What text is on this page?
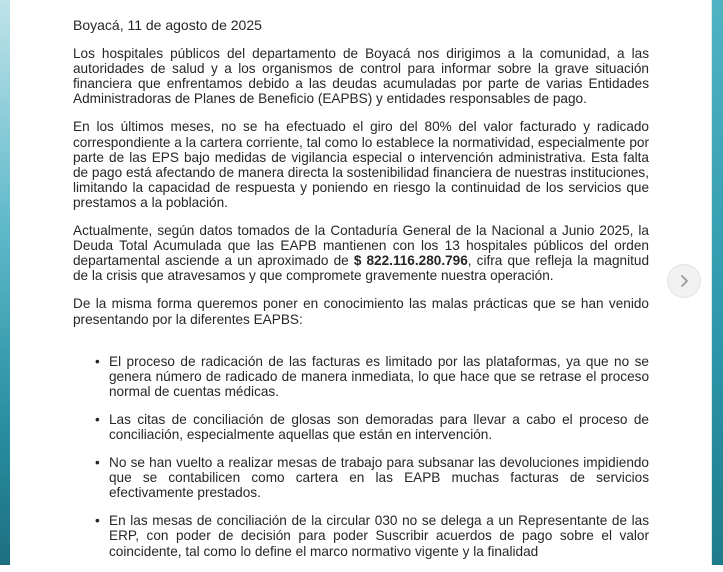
Boyacá, 11 de agosto de 2025

Los hospitales públicos del departamento de Boyacá nos dirigimos a la comunidad, a las autoridades de salud y a los organismos de control para informar sobre la grave situación financiera que enfrentamos debido a las deudas acumuladas por parte de varias Entidades Administradoras de Planes de Beneficio (EAPBS) y entidades responsables de pago.

En los últimos meses, no se ha efectuado el giro del 80% del valor facturado y radicado correspondiente a la cartera corriente, tal como lo establece la normatividad, especialmente por parte de las EPS bajo medidas de vigilancia especial o intervención administrativa. Esta falta de pago está afectando de manera directa la sostenibilidad financiera de nuestras instituciones, limitando la capacidad de respuesta y poniendo en riesgo la continuidad de los servicios que prestamos a la población.

Actualmente, según datos tomados de la Contaduría General de la Nacional a Junio 2025, la Deuda Total Acumulada que las EAPB mantienen con los 13 hospitales públicos del orden departamental asciende a un aproximado de $ 822.116.280.796, cifra que refleja la magnitud de la crisis que atravesamos y que compromete gravemente nuestra operación.

De la misma forma queremos poner en conocimiento las malas prácticas que se han venido presentando por la diferentes EAPBS:

• El proceso de radicación de las facturas es limitado por las plataformas, ya que no se genera número de radicado de manera inmediata, lo que hace que se retrase el proceso normal de cuentas médicas.
• Las citas de conciliación de glosas son demoradas para llevar a cabo el proceso de conciliación, especialmente aquellas que están en intervención.
• No se han vuelto a realizar mesas de trabajo para subsanar las devoluciones impidiendo que se contabilicen como cartera en las EAPB muchas facturas de servicios efectivamente prestados.
• En las mesas de conciliación de la circular 030 no se delega a un Representante de las ERP, con poder de decisión para poder Suscribir acuerdos de pago sobre el valor coincidente, tal como lo define el marco normativo vigente y la finalidad
